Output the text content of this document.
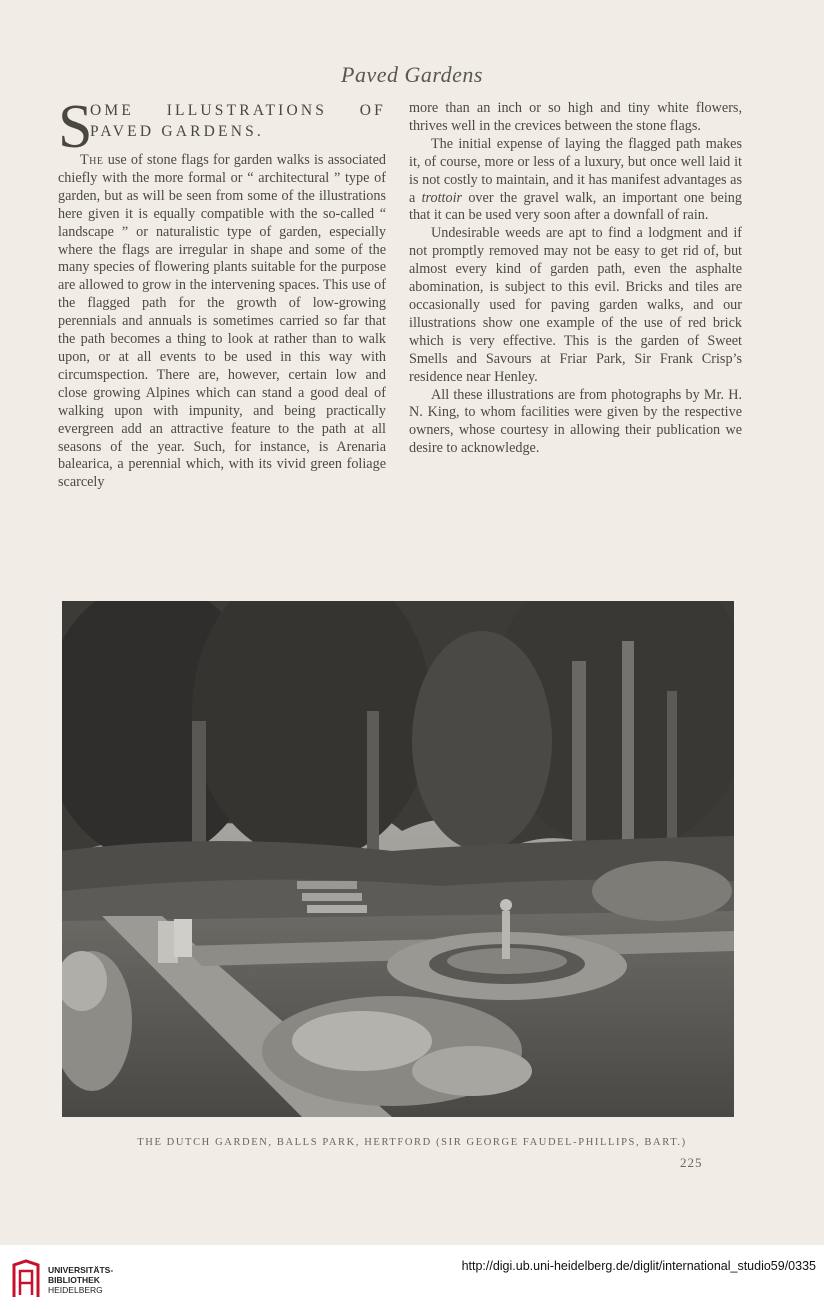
Paved Gardens
S
OME ILLUSTRATIONS OF
PAVED GARDENS.

The use of stone flags for garden walks is associated chiefly with the more formal or “ architectural ” type of garden, but as will be seen from some of the illustrations here given it is equally compatible with the so-called “ landscape ” or naturalistic type of garden, especially where the flags are irregular in shape and some of the many species of flowering plants suitable for the purpose are allowed to grow in the intervening spaces. This use of the flagged path for the growth of low-growing perennials and annuals is sometimes carried so far that the path becomes a thing to look at rather than to walk upon, or at all events to be used in this way with circumspection. There are, however, certain low and close growing Alpines which can stand a good deal of walking upon with impunity, and being practically evergreen add an attractive feature to the path at all seasons of the year. Such, for instance, is Arenaria balearica, a perennial which, with its vivid green foliage scarcely

more than an inch or so high and tiny white flowers, thrives well in the crevices between the stone flags.

The initial expense of laying the flagged path makes it, of course, more or less of a luxury, but once well laid it is not costly to maintain, and it has manifest advantages as a trottoir over the gravel walk, an important one being that it can be used very soon after a downfall of rain.

Undesirable weeds are apt to find a lodgment and if not promptly removed may not be easy to get rid of, but almost every kind of garden path, even the asphalte abomination, is subject to this evil. Bricks and tiles are occasionally used for paving garden walks, and our illustrations show one example of the use of red brick which is very effective. This is the garden of Sweet Smells and Savours at Friar Park, Sir Frank Crisp’s residence near Henley.

All these illustrations are from photographs by Mr. H. N. King, to whom facilities were given by the respective owners, whose courtesy in allowing their publication we desire to acknowledge.

THE DUTCH GARDEN, BALLS PARK, HERTFORD (SIR GEORGE FAUDEL-PHILLIPS, BART.)
225
UNIVERSITÄTS-
BIBLIOTHEK
HEIDELBERG
http://digi.ub.uni-heidelberg.de/diglit/international_studio59/0335
